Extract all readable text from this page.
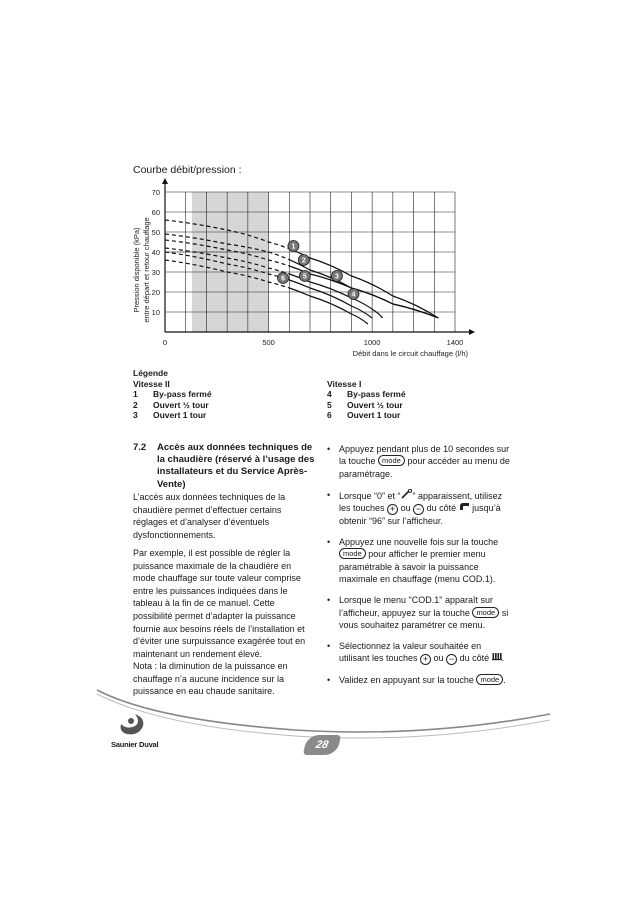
Courbe débit/pression :
10
20
30
40
50
60
70
0	500	1000	1400
Pression disponible (kPa) entre départ et retour chauffage
Débit dans le circuit chauffage (l/h)
1
2
3
4
5
6
Légende
Vitesse II
1	By-pass fermé
2	Ouvert ½ tour
3	Ouvert 1 tour
Vitesse I
4	By-pass fermé
5	Ouvert ½ tour
6	Ouvert 1 tour
7.2 Accès aux données techniques de la chaudière (réservé à l’usage des installateurs et du Service Après-Vente)
L’accès aux données techniques de la chaudière permet d’effectuer certains réglages et d’analyser d’éventuels dysfonctionnements.
Par exemple, il est possible de régler la puissance maximale de la chaudière en mode chauffage sur toute valeur comprise entre les puissances indiquées dans le tableau à la fin de ce manuel. Cette possibilité permet d’adapter la puissance fournie aux besoins réels de l’installation et d’éviter une surpuissance exagérée tout en maintenant un rendement élevé.
Nota : la diminution de la puissance en chauffage n’a aucune incidence sur la puissance en eau chaude sanitaire.
• Appuyez pendant plus de 10 secondes sur la touche mode pour accéder au menu de paramétrage.
• Lorsque “0” et “ ” apparaissent, utilisez les touches + ou − du côté jusqu’à obtenir “96” sur l’afficheur.
• Appuyez une nouvelle fois sur la touche mode pour afficher le premier menu paramétrable à savoir la puissance maximale en chauffage (menu COD.1).
• Lorsque le menu "COD.1" apparaît sur l’afficheur, appuyez sur la touche mode si vous souhaitez paramétrer ce menu.
• Sélectionnez la valeur souhaitée en utilisant les touches + ou − du côté .
• Validez en appuyant sur la touche mode .
Saunier Duval	28
